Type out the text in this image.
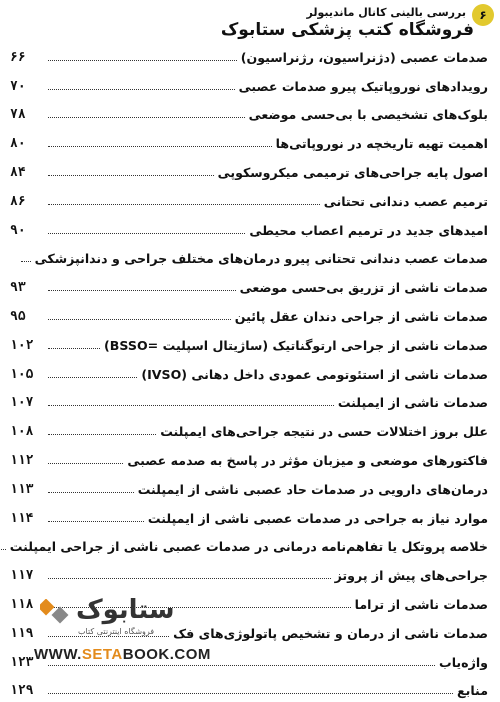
۶
بررسی بالینی کانال ماندیبولر
فروشگاه کتب پزشکی ستابوک
صدمات عصبی (دژنراسیون، رژنراسیون)
۶۶
رویدادهای نوروپاتیک پیرو صدمات عصبی
۷۰
بلوک‌های تشخیصی با بی‌حسی موضعی
۷۸
اهمیت تهیه تاریخچه در نوروپاتی‌ها
۸۰
اصول پایه جراحی‌های ترمیمی میکروسکوپی
۸۴
ترمیم عصب دندانی تحتانی
۸۶
امیدهای جدید در ترمیم اعصاب محیطی
۹۰
صدمات عصب دندانی تحتانی پیرو درمان‌های مختلف جراحی و دندانپزشکی
صدمات ناشی از تزریق بی‌حسی موضعی
۹۳
صدمات ناشی از جراحی دندان عقل پائین
۹۵
صدمات ناشی از جراحی ارتوگناتیک (ساژیتال اسپلیت =BSSO)
۱۰۲
صدمات ناشی از استئوتومی عمودی داخل دهانی (IVSO)
۱۰۵
صدمات ناشی از ایمپلنت
۱۰۷
علل بروز اختلالات حسی در نتیجه جراحی‌های ایمپلنت
۱۰۸
فاکتورهای موضعی و میزبان مؤثر در پاسخ به صدمه عصبی
۱۱۲
درمان‌های دارویی در صدمات حاد عصبی ناشی از ایمپلنت
۱۱۳
موارد نیاز به جراحی در صدمات عصبی ناشی از ایمپلنت
۱۱۴
خلاصه پروتکل یا تفاهم‌نامه درمانی در صدمات عصبی ناشی از جراحی ایمپلنت
جراحی‌های پیش از پروتز
۱۱۷
صدمات ناشی از تراما
۱۱۸
صدمات ناشی از درمان و تشخیص پاتولوژی‌های فک
۱۱۹
واژه‌یاب
۱۲۳
منابع
۱۲۹
ستابوک
فروشگاه اینترنتی کتاب
WWW.SETABOOK.COM
